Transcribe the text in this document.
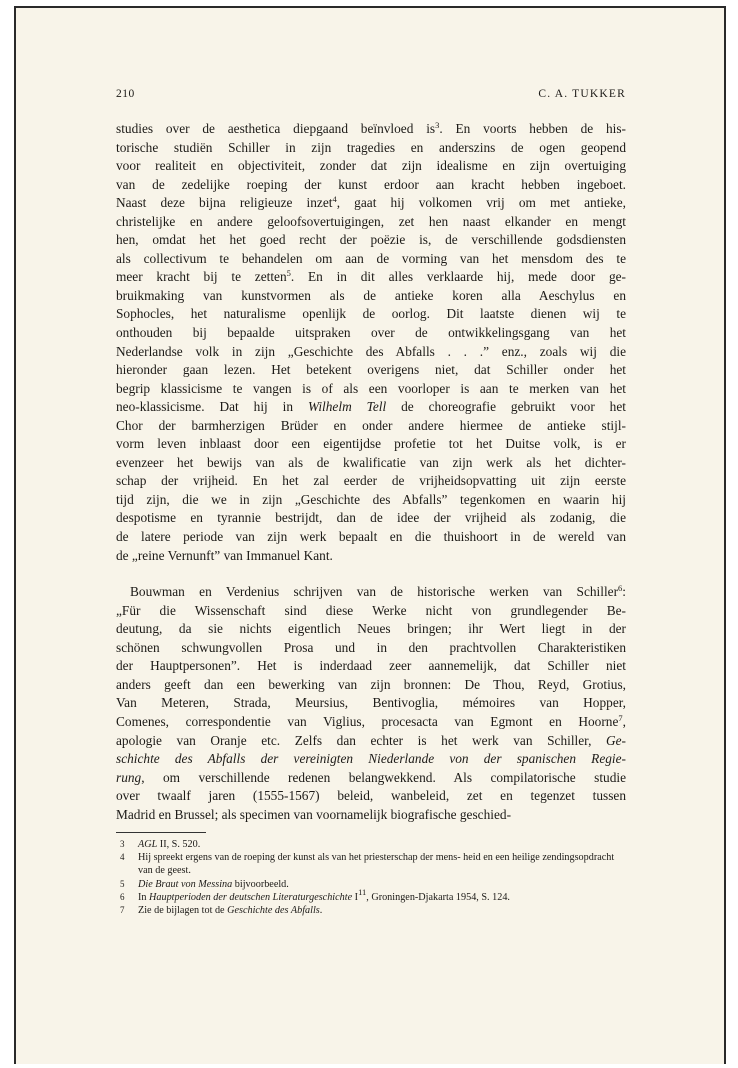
210	C. A. TUKKER

studies over de aesthetica diepgaand beïnvloed $is^3$. En voorts hebben de his-
torische studiën Schiller in zijn tragedies en anderszins de ogen geopend
voor realiteit en objectiviteit, zonder dat zijn idealisme en zijn overtuiging
van de zedelijke roeping der kunst erdoor aan kracht hebben ingeboet.
Naast deze bijna religieuze inzet$^4$, gaat hij volkomen vrij om met antieke,
christelijke en andere geloofsovertuigingen, zet hen naast elkander en mengt
hen, omdat het het goed recht der poëzie is, de verschillende godsdiensten
als collectivum te behandelen om aan de vorming van het mensdom des te
meer kracht bij te zetten$^5$. En in dit alles verklaarde hij, mede door ge-
bruikmaking van kunstvormen als de antieke koren alla Aeschylus en
Sophocles, het naturalisme openlijk de oorlog. Dit laatste dienen wij te
onthouden bij bepaalde uitspraken over de ontwikkelingsgang van het
Nederlandse volk in zijn „Geschichte des Abfalls . . .” enz., zoals wij die
hieronder gaan lezen. Het betekent overigens niet, dat Schiller onder het
begrip klassicisme te vangen is of als een voorloper is aan te merken van het
neo-klassicisme. Dat hij in Wilhelm Tell de choreografie gebruikt voor het
Chor der barmherzigen Brüder en onder andere hiermee de antieke stijl-
vorm leven inblaast door een eigentijdse profetie tot het Duitse volk, is er
evenzeer het bewijs van als de kwalificatie van zijn werk als het dichter-
schap der vrijheid. En het zal eerder de vrijheidsopvatting uit zijn eerste
tijd zijn, die we in zijn „Geschichte des Abfalls” tegenkomen en waarin hij
despotisme en tyrannie bestrijdt, dan de idee der vrijheid als zodanig, die
de latere periode van zijn werk bepaalt en die thuishoort in de wereld van
de „reine Vernunft” van Immanuel Kant.

Bouwman en Verdenius schrijven van de historische werken van Schiller$^6$:
„Für die Wissenschaft sind diese Werke nicht von grundlegender Be-
deutung, da sie nichts eigentlich Neues bringen; ihr Wert liegt in der
schönen schwungvollen Prosa und in den prachtvollen Charakteristiken
der Hauptpersonen”. Het is inderdaad zeer aannemelijk, dat Schiller niet
anders geeft dan een bewerking van zijn bronnen: De Thou, Reyd, Grotius,
Van Meteren, Strada, Meursius, Bentivoglia, mémoires van Hopper,
Comenes, correspondentie van Viglius, procesacta van Egmont en Hoorne$^7$,
apologie van Oranje etc. Zelfs dan echter is het werk van Schiller, Ge-
schichte des Abfalls der vereinigten Niederlande von der spanischen Regie-
rung, om verschillende redenen belangwekkend. Als compilatorische studie
over twaalf jaren (1555-1567) beleid, wanbeleid, zet en tegenzet tussen
Madrid en Brussel; als specimen van voornamelijk biografische geschied-

3 AGL II, S. 520.
4 Hij spreekt ergens van de roeping der kunst als van het priesterschap der mens- heid en een heilige zendingsopdracht van de geest.
5 Die Braut von Messina bijvoorbeeld.
6 In Hauptperioden der deutschen Literaturgeschichte $I^{11}$, Groningen-Djakarta 1954, S. 124.
7 Zie de bijlagen tot de Geschichte des Abfalls.
